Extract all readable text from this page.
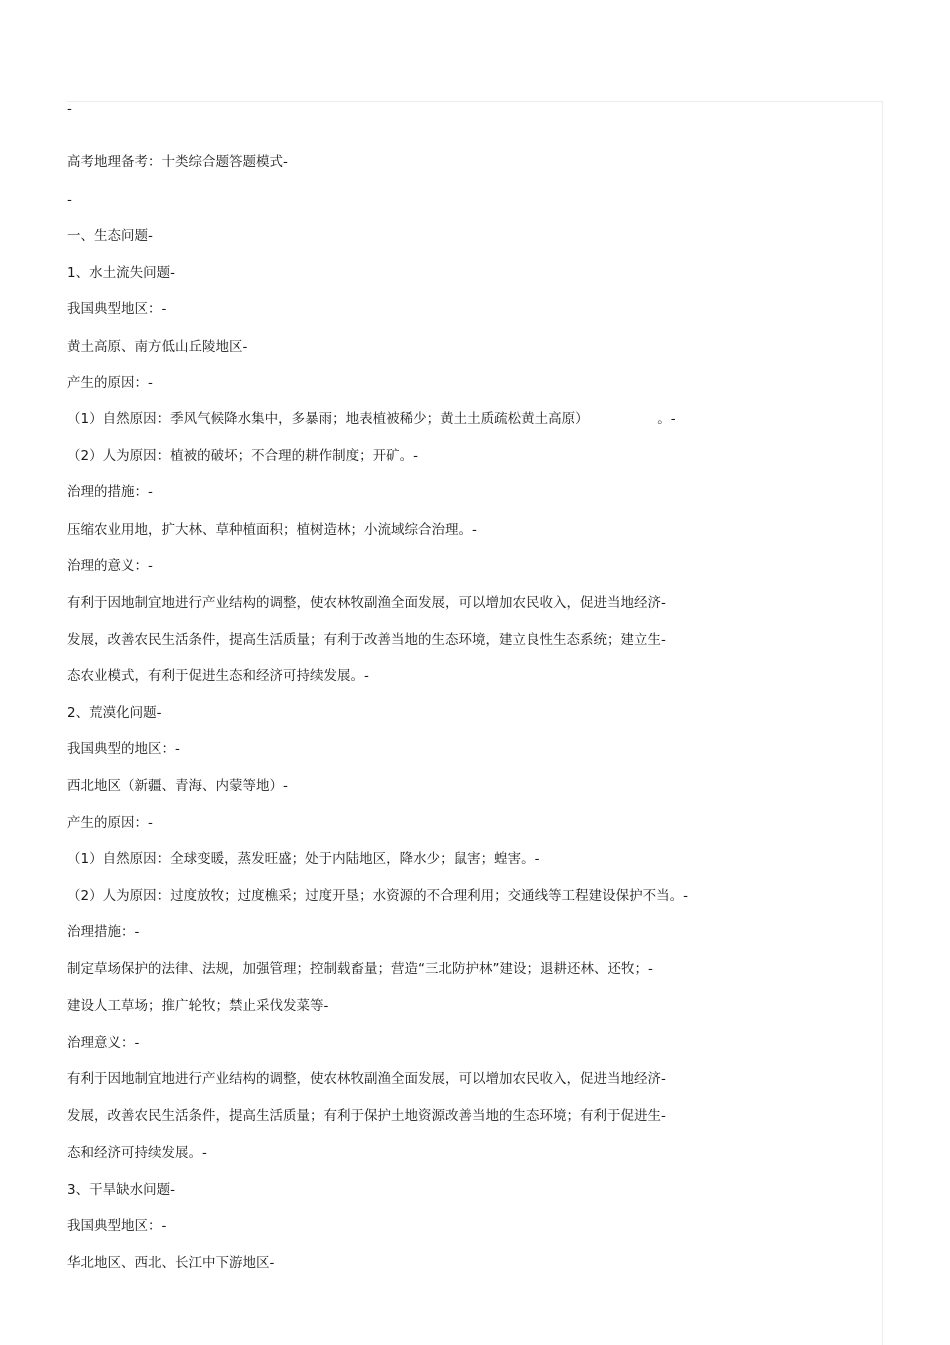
-

高考地理备考：十类综合题答题模式-

-

一、生态问题-

1、水土流失问题-

我国典型地区：-

黄土高原、南方低山丘陵地区-

产生的原因：-

（1）自然原因：季风气候降水集中，多暴雨；地表植被稀少；黄土土质疏松黄土高原）                。-

（2）人为原因：植被的破坏；不合理的耕作制度；开矿。-

治理的措施：-

压缩农业用地，扩大林、草种植面积；植树造林；小流域综合治理。-

治理的意义：-

有利于因地制宜地进行产业结构的调整，使农林牧副渔全面发展，可以增加农民收入，促进当地经济-

发展，改善农民生活条件，提高生活质量；有利于改善当地的生态环境，建立良性生态系统；建立生-

态农业模式，有利于促进生态和经济可持续发展。-

2、荒漠化问题-

我国典型的地区：-

西北地区（新疆、青海、内蒙等地）-

产生的原因：-

（1）自然原因：全球变暖，蒸发旺盛；处于内陆地区，降水少；鼠害；蝗害。-

（2）人为原因：过度放牧；过度樵采；过度开垦；水资源的不合理利用；交通线等工程建设保护不当。-

治理措施：-

制定草场保护的法律、法规，加强管理；控制载畜量；营造“三北防护林”建设；退耕还林、还牧；-

建设人工草场；推广轮牧；禁止采伐发菜等-

治理意义：-

有利于因地制宜地进行产业结构的调整，使农林牧副渔全面发展，可以增加农民收入，促进当地经济-

发展，改善农民生活条件，提高生活质量；有利于保护土地资源改善当地的生态环境；有利于促进生-

态和经济可持续发展。-

3、干旱缺水问题-

我国典型地区：-

华北地区、西北、长江中下游地区-
